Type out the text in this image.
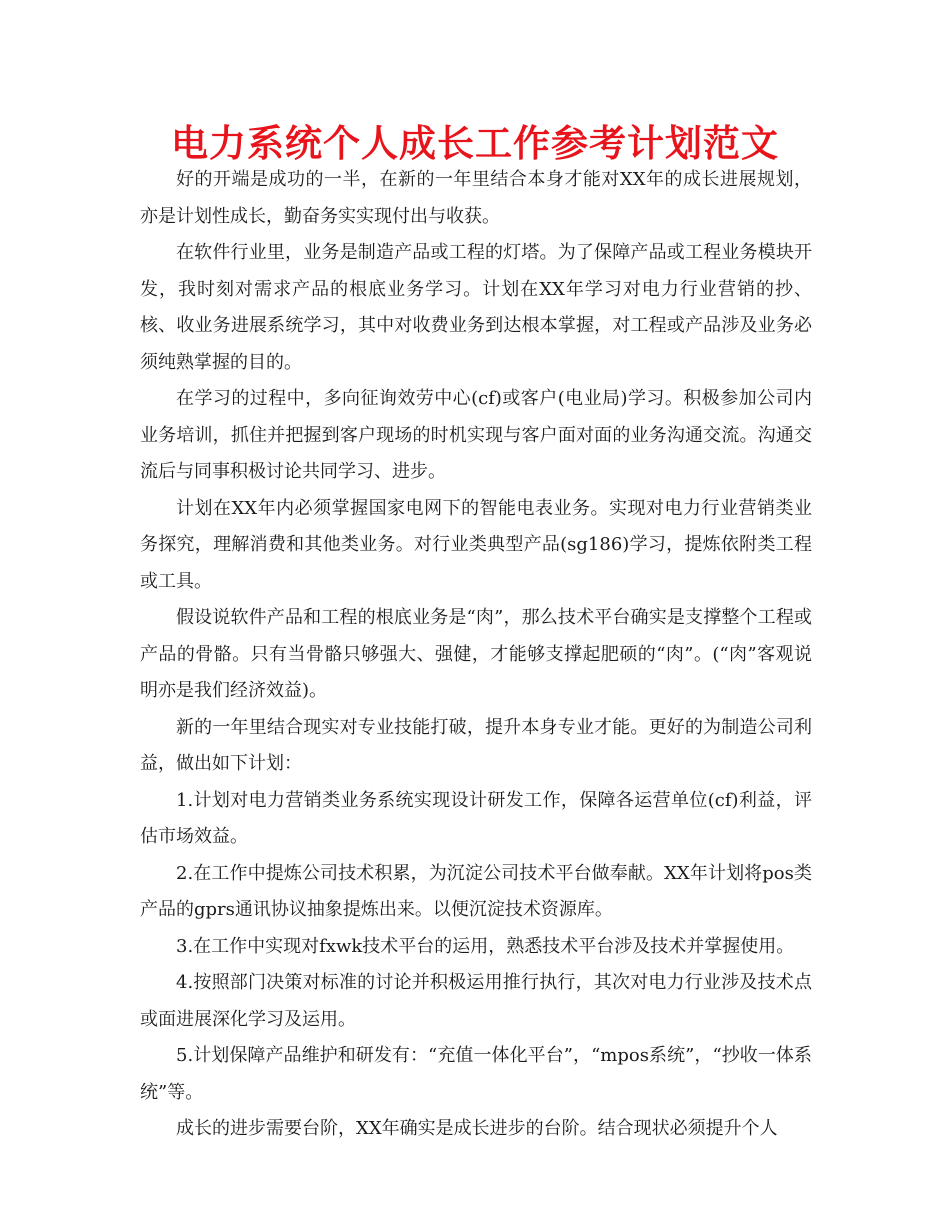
电力系统个人成长工作参考计划范文

好的开端是成功的一半，在新的一年里结合本身才能对XX年的成长进展规划，亦是计划性成长，勤奋务实实现付出与收获。

在软件行业里，业务是制造产品或工程的灯塔。为了保障产品或工程业务模块开发，我时刻对需求产品的根底业务学习。计划在XX年学习对电力行业营销的抄、核、收业务进展系统学习，其中对收费业务到达根本掌握，对工程或产品涉及业务必须纯熟掌握的目的。

在学习的过程中，多向征询效劳中心(cf)或客户(电业局)学习。积极参加公司内业务培训，抓住并把握到客户现场的时机实现与客户面对面的业务沟通交流。沟通交流后与同事积极讨论共同学习、进步。

计划在XX年内必须掌握国家电网下的智能电表业务。实现对电力行业营销类业务探究，理解消费和其他类业务。对行业类典型产品(sg186)学习，提炼依附类工程或工具。

假设说软件产品和工程的根底业务是“肉”，那么技术平台确实是支撑整个工程或产品的骨骼。只有当骨骼只够强大、强健，才能够支撑起肥硕的“肉”。(“肉”客观说明亦是我们经济效益)。

新的一年里结合现实对专业技能打破，提升本身专业才能。更好的为制造公司利益，做出如下计划：

1.计划对电力营销类业务系统实现设计研发工作，保障各运营单位(cf)利益，评估市场效益。

2.在工作中提炼公司技术积累，为沉淀公司技术平台做奉献。XX年计划将pos类产品的gprs通讯协议抽象提炼出来。以便沉淀技术资源库。

3.在工作中实现对fxwk技术平台的运用，熟悉技术平台涉及技术并掌握使用。

4.按照部门决策对标准的讨论并积极运用推行执行，其次对电力行业涉及技术点或面进展深化学习及运用。

5.计划保障产品维护和研发有：“充值一体化平台”，“mpos系统”，“抄收一体系统”等。

成长的进步需要台阶，XX年确实是成长进步的台阶。结合现状必须提升个人
